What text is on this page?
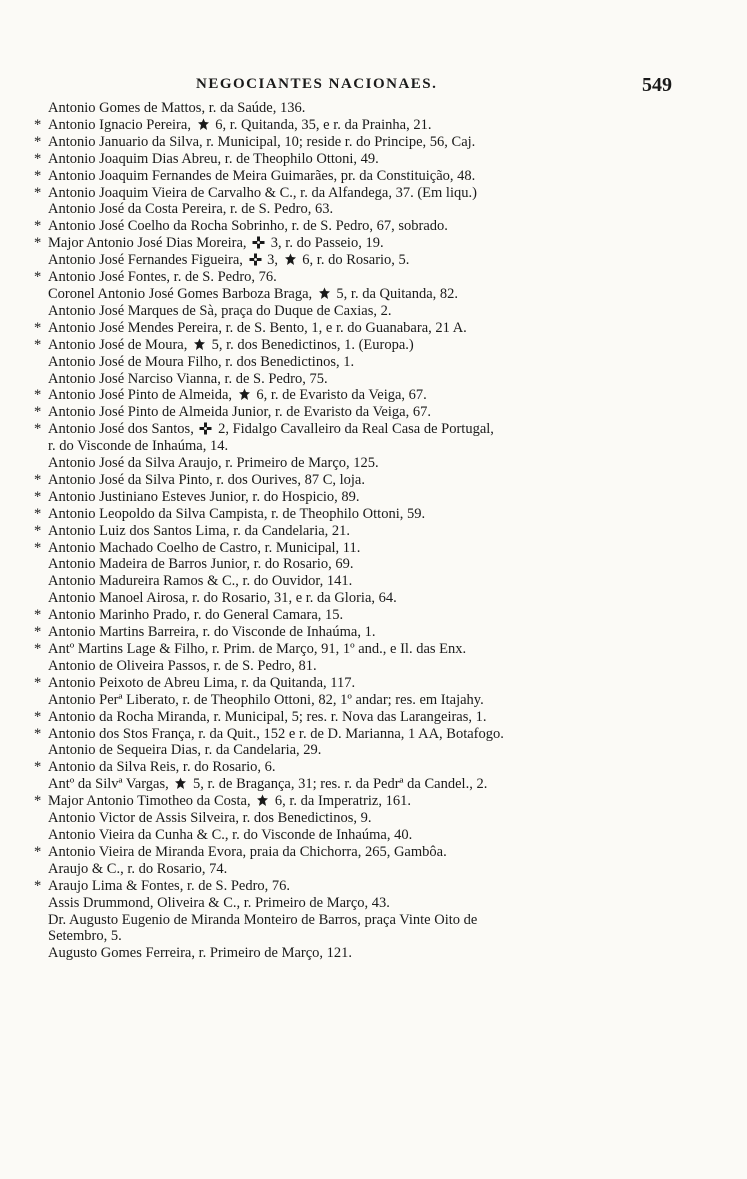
NEGOCIANTES NACIONAES.	549
Antonio Gomes de Mattos, r. da Saúde, 136.
* Antonio Ignacio Pereira,
6, r. Quitanda, 35, e r. da Prainha, 21.
* Antonio Januario da Silva, r. Municipal, 10; reside r. do Principe, 56, Caj.
* Antonio Joaquim Dias Abreu, r. de Theophilo Ottoni, 49.
* Antonio Joaquim Fernandes de Meira Guimarães, pr. da Constituição, 48.
* Antonio Joaquim Vieira de Carvalho & C., r. da Alfandega, 37. (Em liqu.)
Antonio José da Costa Pereira, r. de S. Pedro, 63.
* Antonio José Coelho da Rocha Sobrinho, r. de S. Pedro, 67, sobrado.
* Major Antonio José Dias Moreira,
3, r. do Passeio, 19.
Antonio José Fernandes Figueira,
3,
6, r. do Rosario, 5.
* Antonio José Fontes, r. de S. Pedro, 76.
Coronel Antonio José Gomes Barboza Braga,
5, r. da Quitanda, 82.
Antonio José Marques de Sà, praça do Duque de Caxias, 2.
* Antonio José Mendes Pereira, r. de S. Bento, 1, e r. do Guanabara, 21 A.
* Antonio José de Moura,
5, r. dos Benedictinos, 1. (Europa.)
Antonio José de Moura Filho, r. dos Benedictinos, 1.
Antonio José Narciso Vianna, r. de S. Pedro, 75.
* Antonio José Pinto de Almeida,
6, r. de Evaristo da Veiga, 67.
* Antonio José Pinto de Almeida Junior, r. de Evaristo da Veiga, 67.
* Antonio José dos Santos,
2, Fidalgo Cavalleiro da Real Casa de Portugal,
r. do Visconde de Inhaúma, 14.
Antonio José da Silva Araujo, r. Primeiro de Março, 125.
* Antonio José da Silva Pinto, r. dos Ourives, 87 C, loja.
* Antonio Justiniano Esteves Junior, r. do Hospicio, 89.
* Antonio Leopoldo da Silva Campista, r. de Theophilo Ottoni, 59.
* Antonio Luiz dos Santos Lima, r. da Candelaria, 21.
* Antonio Machado Coelho de Castro, r. Municipal, 11.
Antonio Madeira de Barros Junior, r. do Rosario, 69.
Antonio Madureira Ramos & C., r. do Ouvidor, 141.
Antonio Manoel Airosa, r. do Rosario, 31, e r. da Gloria, 64.
* Antonio Marinho Prado, r. do General Camara, 15.
* Antonio Martins Barreira, r. do Visconde de Inhaúma, 1.
* Antº Martins Lage & Filho, r. Prim. de Março, 91, 1º and., e Il. das Enx.
Antonio de Oliveira Passos, r. de S. Pedro, 81.
* Antonio Peixoto de Abreu Lima, r. da Quitanda, 117.
Antonio Perª Liberato, r. de Theophilo Ottoni, 82, 1º andar; res. em Itajahy.
* Antonio da Rocha Miranda, r. Municipal, 5; res. r. Nova das Larangeiras, 1.
* Antonio dos Stos França, r. da Quit., 152 e r. de D. Marianna, 1 AA, Botafogo.
Antonio de Sequeira Dias, r. da Candelaria, 29.
* Antonio da Silva Reis, r. do Rosario, 6.
Antº da Silvª Vargas,
5, r. de Bragança, 31; res. r. da Pedrª da Candel., 2.
* Major Antonio Timotheo da Costa,
6, r. da Imperatriz, 161.
Antonio Victor de Assis Silveira, r. dos Benedictinos, 9.
Antonio Vieira da Cunha & C., r. do Visconde de Inhaúma, 40.
* Antonio Vieira de Miranda Evora, praia da Chichorra, 265, Gambôa.
Araujo & C., r. do Rosario, 74.
* Araujo Lima & Fontes, r. de S. Pedro, 76.
Assis Drummond, Oliveira & C., r. Primeiro de Março, 43.
Dr. Augusto Eugenio de Miranda Monteiro de Barros, praça Vinte Oito de
Setembro, 5.
Augusto Gomes Ferreira, r. Primeiro de Março, 121.
